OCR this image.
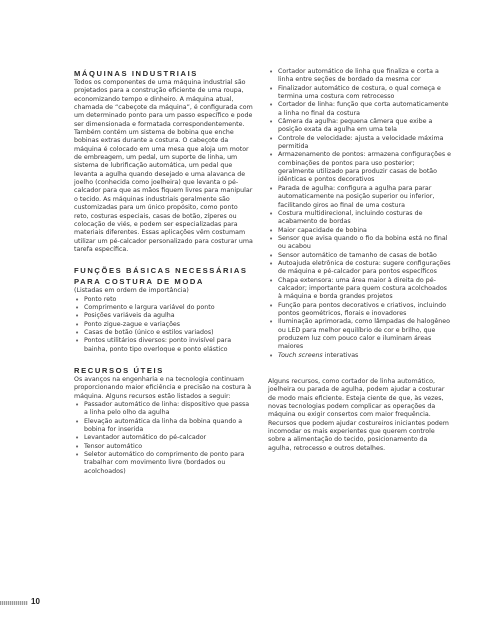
MÁQUINAS INDUSTRIAIS

Todos os componentes de uma máquina industrial são projetados para a construção eficiente de uma roupa, economizando tempo e dinheiro. A máquina atual, chamada de “cabeçote da máquina”, é configurada com um determinado ponto para um passo específico e pode ser dimensionada e formatada correspondentemente. Também contém um sistema de bobina que enche bobinas extras durante a costura. O cabeçote da máquina é colocado em uma mesa que aloja um motor de embreagem, um pedal, um suporte de linha, um sistema de lubrificação automática, um pedal que levanta a agulha quando desejado e uma alavanca de joelho (conhecida como joelheira) que levanta o pé-calcador para que as mãos fiquem livres para manipular o tecido. As máquinas industriais geralmente são customizadas para um único propósito, como ponto reto, costuras especiais, casas de botão, zíperes ou colocação de viés, e podem ser especializadas para materiais diferentes. Essas aplicações vêm costumam utilizar um pé-calcador personalizado para costurar uma tarefa específica.

FUNÇÕES BÁSICAS NECESSÁRIAS PARA COSTURA DE MODA

(Listadas em ordem de importância)

• Ponto reto
• Comprimento e largura variável do ponto
• Posições variáveis da agulha
• Ponto zigue-zague e variações
• Casas de botão (único e estilos variados)
• Pontos utilitários diversos: ponto invisível para bainha, ponto tipo overloque e ponto elástico
RECURSOS ÚTEIS

Os avanços na engenharia e na tecnologia continuam proporcionando maior eficiência e precisão na costura à máquina. Alguns recursos estão listados a seguir:

• Passador automático de linha: dispositivo que passa a linha pelo olho da agulha
• Elevação automática da linha da bobina quando a bobina for inserida
• Levantador automático do pé-calcador
• Tensor automático
• Seletor automático do comprimento de ponto para trabalhar com movimento livre (bordados ou acolchoados)
• Cortador automático de linha que finaliza e corta a linha entre seções de bordado da mesma cor
• Finalizador automático de costura, o qual começa e termina uma costura com retrocesso
• Cortador de linha: função que corta automaticamente a linha no final da costura
• Câmera da agulha: pequena câmera que exibe a posição exata da agulha em uma tela
• Controle de velocidade: ajusta a velocidade máxima permitida
• Armazenamento de pontos: armazena configurações e combinações de pontos para uso posterior; geralmente utilizado para produzir casas de botão idênticas e pontos decorativos
• Parada de agulha: configura a agulha para parar automaticamente na posição superior ou inferior, facilitando giros ao final de uma costura
• Costura multidirecional, incluindo costuras de acabamento de bordas
• Maior capacidade de bobina
• Sensor que avisa quando o fio da bobina está no final ou acabou
• Sensor automático de tamanho de casas de botão
• Autoajuda eletrônica de costura: sugere configurações de máquina e pé-calcador para pontos específicos
• Chapa extensora: uma área maior à direita do pé-calcador; importante para quem costura acolchoados à máquina e borda grandes projetos
• Função para pontos decorativos e criativos, incluindo pontos geométricos, florais e inovadores
• Iluminação aprimorada, como lâmpadas de halogêneo ou LED para melhor equilíbrio de cor e brilho, que produzem luz com pouco calor e iluminam áreas maiores
• Touch screens interativas

Alguns recursos, como cortador de linha automático, joelheira ou parada de agulha, podem ajudar a costurar de modo mais eficiente. Esteja ciente de que, às vezes, novas tecnologias podem complicar as operações da máquina ou exigir consertos com maior frequência. Recursos que podem ajudar costureiros iniciantes podem incomodar os mais experientes que querem controle sobre a alimentação do tecido, posicionamento da agulha, retrocesso e outros detalhes.

10
